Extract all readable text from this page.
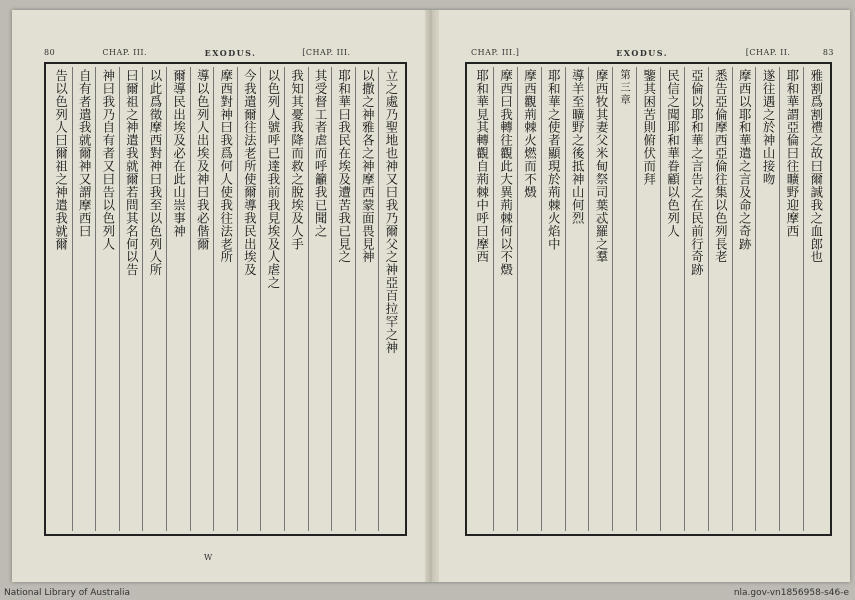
80	CHAP. III.	EXODUS.	[CHAP. III.
立之處乃聖地也神又曰我乃爾父之神亞百拉罕之神
以撒之神雅各之神摩西蒙面畏見神
耶和華曰我民在埃及遭苦我已見之
其受督工者虐而呼籲我已聞之
我知其憂我降而救之脫埃及人手
以色列人號呼已達我前我見埃及人虐之
今我遣爾往法老所使爾導我民出埃及
摩西對神曰我爲何人使我往法老所
導以色列人出埃及神曰我必偕爾
爾導民出埃及必在此山崇事神
以此爲徵摩西對神曰我至以色列人所
曰爾祖之神遣我就爾若問其名何以告
神曰我乃自有者又曰告以色列人
自有者遣我就爾神又謂摩西曰
告以色列人曰爾祖之神遣我就爾
W
CHAP. III.]	EXODUS.	[CHAP. II.	83
雅割爲割禮之故曰爾誠我之血郎也
耶和華謂亞倫曰往曠野迎摩西
遂往遇之於神山接吻
摩西以耶和華遣之言及命之奇跡
悉告亞倫摩西亞倫往集以色列長老
亞倫以耶和華之言告之在民前行奇跡
民信之聞耶和華眷顧以色列人
鑒其困苦則俯伏而拜
第三章
摩西牧其妻父米甸祭司葉忒羅之羣
導羊至曠野之後抵神山何烈
耶和華之使者顯現於荊棘火焰中
摩西觀荊棘火燃而不燬
摩西曰我轉往觀此大異荊棘何以不燬
耶和華見其轉觀自荊棘中呼曰摩西
National Library of Australia	nla.gov-vn1856958-s46-e
